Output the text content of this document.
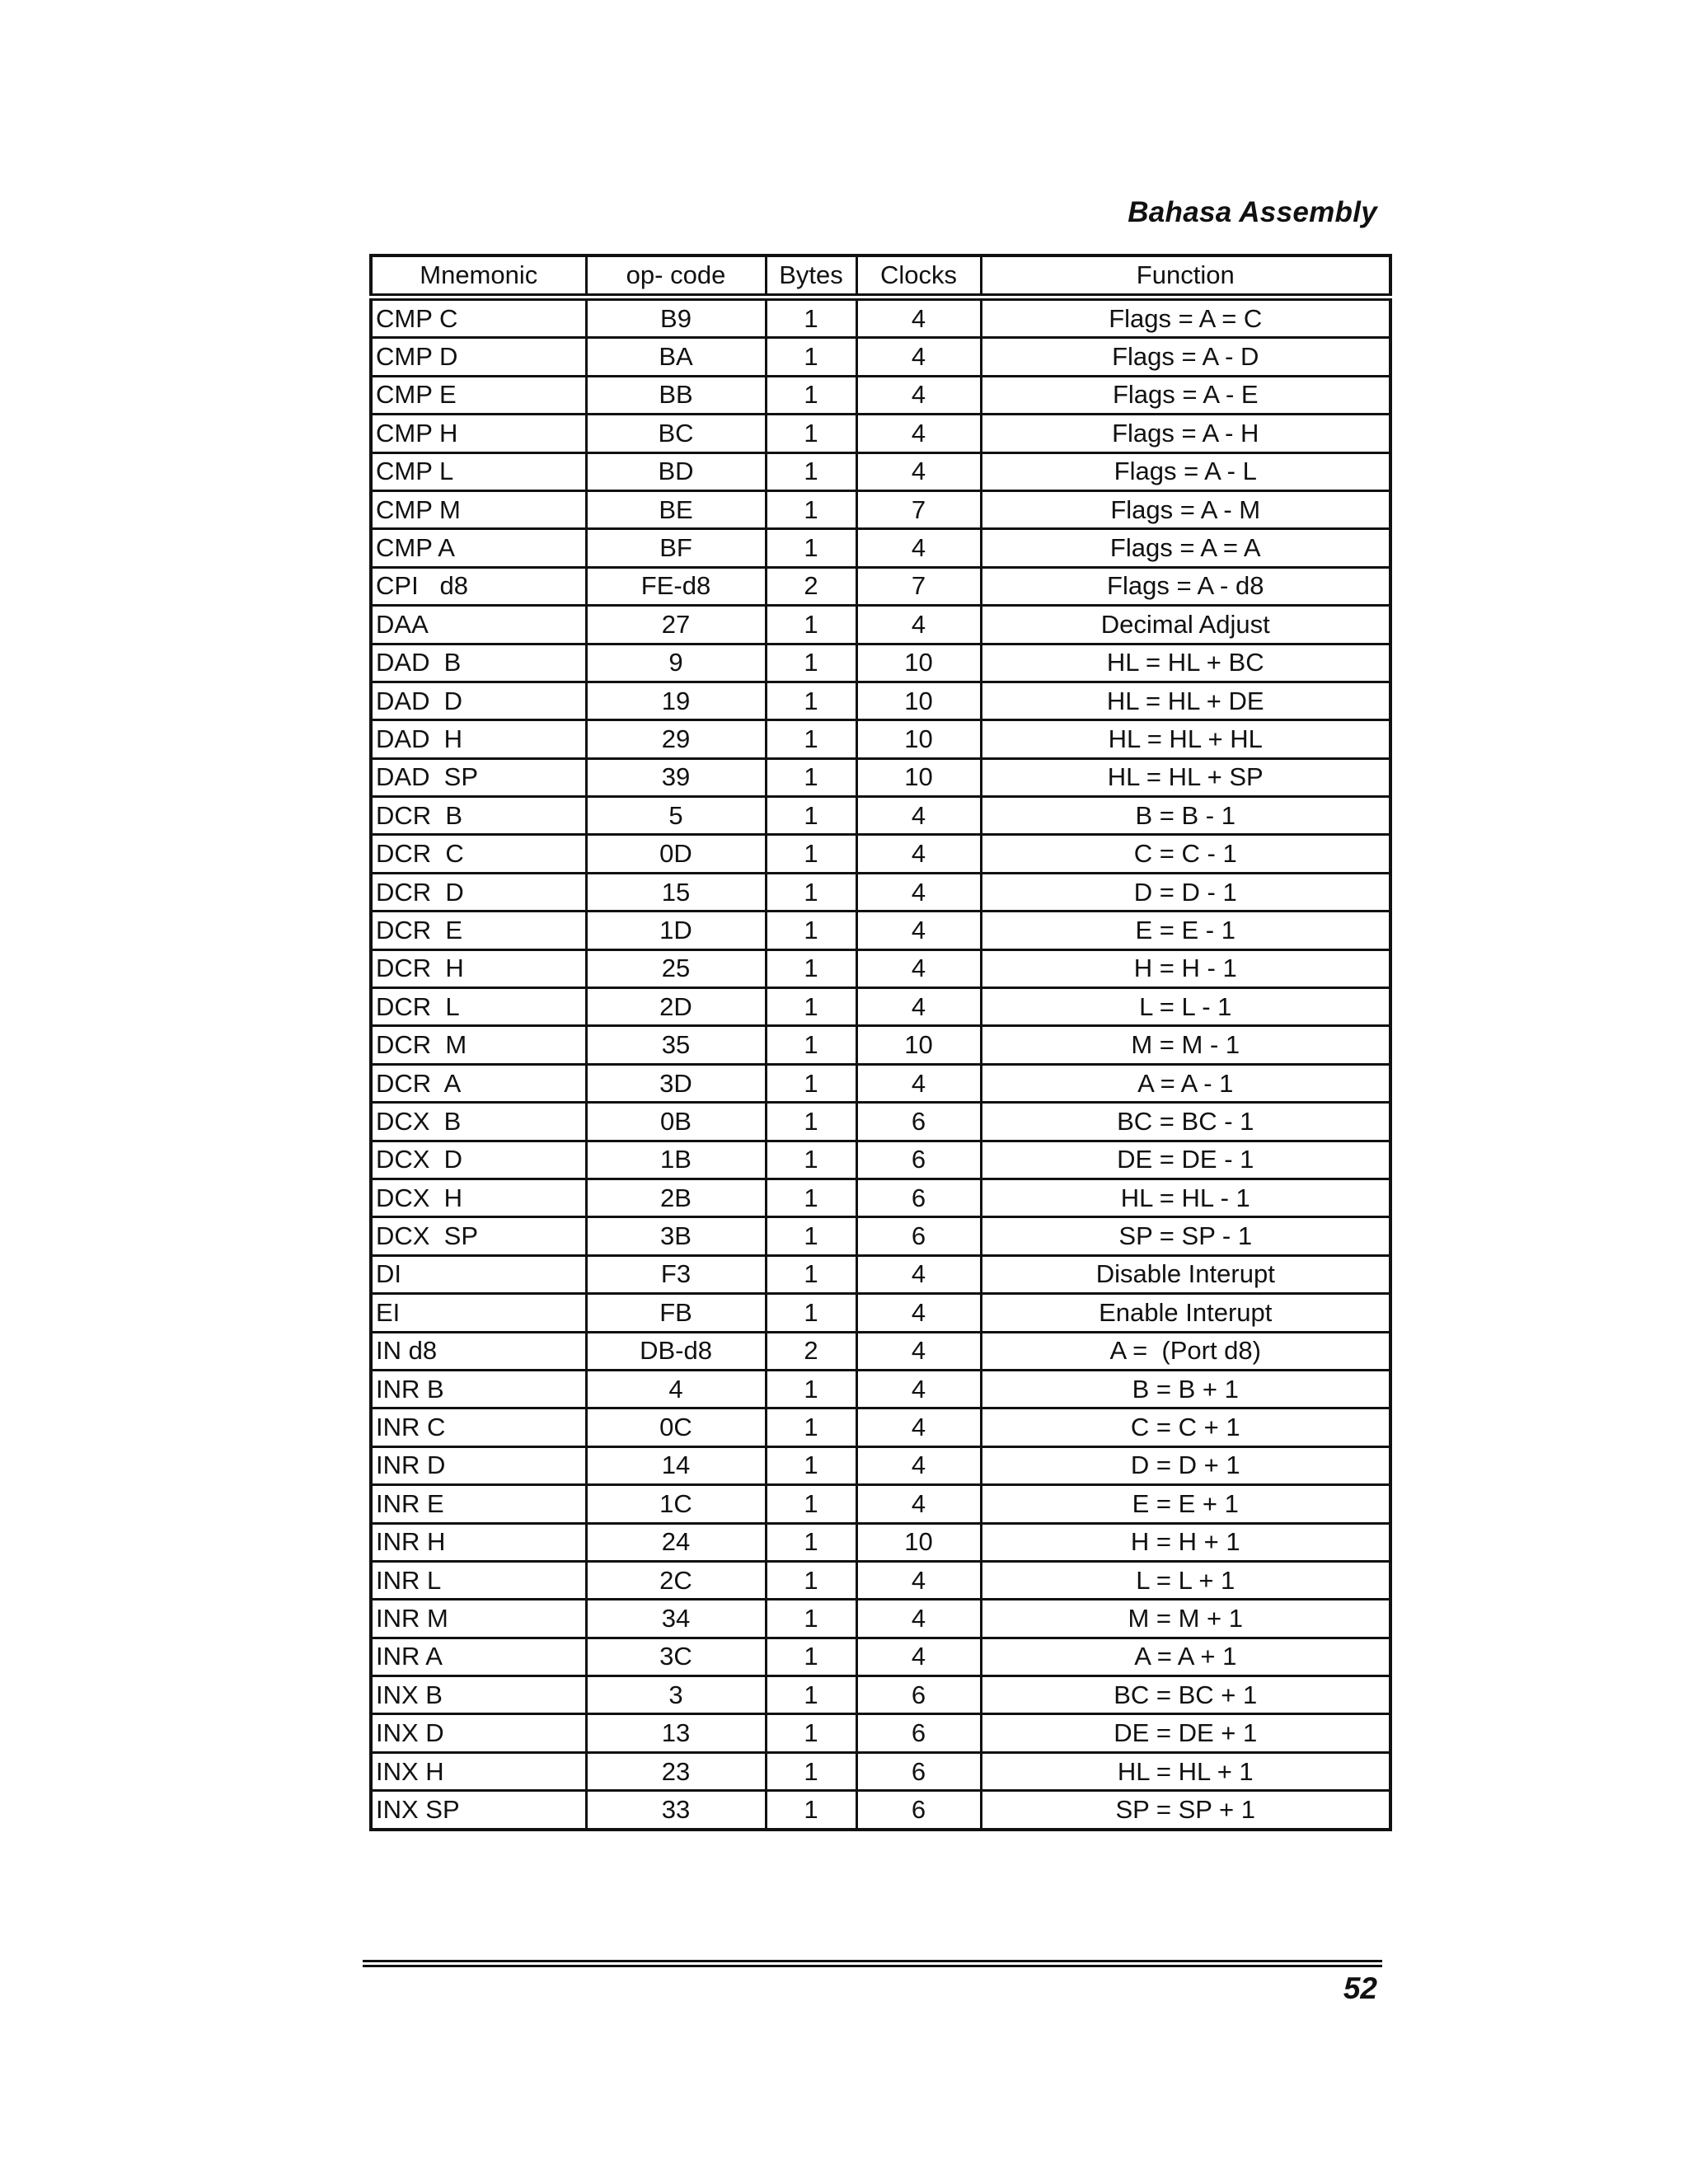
Bahasa Assembly
Mnemonic	op- code	Bytes	Clocks	Function
CMP C	B9	1	4	Flags = A = C
CMP D	BA	1	4	Flags = A - D
CMP E	BB	1	4	Flags = A - E
CMP H	BC	1	4	Flags = A - H
CMP L	BD	1	4	Flags = A - L
CMP M	BE	1	7	Flags = A - M
CMP A	BF	1	4	Flags = A = A
CPI   d8	FE-d8	2	7	Flags = A - d8
DAA	27	1	4	Decimal Adjust
DAD  B	9	1	10	HL = HL + BC
DAD  D	19	1	10	HL = HL + DE
DAD  H	29	1	10	HL = HL + HL
DAD  SP	39	1	10	HL = HL + SP
DCR  B	5	1	4	B = B - 1
DCR  C	0D	1	4	C = C - 1
DCR  D	15	1	4	D = D - 1
DCR  E	1D	1	4	E = E - 1
DCR  H	25	1	4	H = H - 1
DCR  L	2D	1	4	L = L - 1
DCR  M	35	1	10	M = M - 1
DCR  A	3D	1	4	A = A - 1
DCX  B	0B	1	6	BC = BC - 1
DCX  D	1B	1	6	DE = DE - 1
DCX  H	2B	1	6	HL = HL - 1
DCX  SP	3B	1	6	SP = SP - 1
DI	F3	1	4	Disable Interupt
EI	FB	1	4	Enable Interupt
IN d8	DB-d8	2	4	A =  (Port d8)
INR B	4	1	4	B = B + 1
INR C	0C	1	4	C = C + 1
INR D	14	1	4	D = D + 1
INR E	1C	1	4	E = E + 1
INR H	24	1	10	H = H + 1
INR L	2C	1	4	L = L + 1
INR M	34	1	4	M = M + 1
INR A	3C	1	4	A = A + 1
INX B	3	1	6	BC = BC + 1
INX D	13	1	6	DE = DE + 1
INX H	23	1	6	HL = HL + 1
INX SP	33	1	6	SP = SP + 1
52
